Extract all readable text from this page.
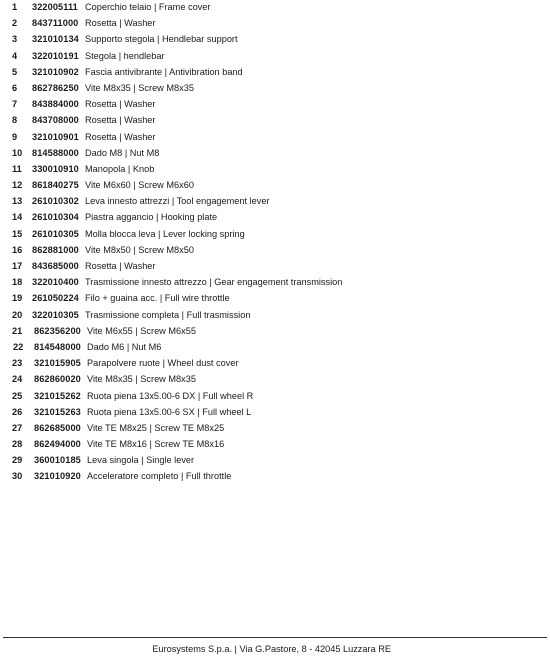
1 322005111 Coperchio telaio | Frame cover
2 843711000 Rosetta | Washer
3 321010134 Supporto stegola | Hendlebar support
4 322010191 Stegola | hendlebar
5 321010902 Fascia antivibrante | Antivibration band
6 862786250 Vite M8x35 | Screw M8x35
7 843884000 Rosetta | Washer
8 843708000 Rosetta | Washer
9 321010901 Rosetta | Washer
10 814588000 Dado M8 | Nut M8
11 330010910 Manopola | Knob
12 861840275 Vite M6x60 | Screw M6x60
13 261010302 Leva innesto attrezzi | Tool engagement lever
14 261010304 Piastra aggancio | Hooking plate
15 261010305 Molla blocca leva | Lever locking spring
16 862881000 Vite M8x50 | Screw M8x50
17 843685000 Rosetta | Washer
18 322010400 Trasmissione innesto attrezzo | Gear engagement transmission
19 261050224 Filo + guaina acc. | Full wire throttle
20 322010305 Trasmissione completa | Full trasmission
21 862356200 Vite M6x55 | Screw M6x55
22 814548000 Dado M6 | Nut M6
23 321015905 Parapolvere ruote | Wheel dust cover
24 862860020 Vite M8x35 | Screw M8x35
25 321015262 Ruota piena 13x5.00-6 DX | Full wheel R
26 321015263 Ruota piena 13x5.00-6 SX | Full wheel L
27 862685000 Vite TE M8x25 | Screw TE M8x25
28 862494000 Vite TE M8x16 | Screw TE M8x16
29 360010185 Leva singola | Single lever
30 321010920 Acceleratore completo | Full throttle
Eurosystems S.p.a. | Via G.Pastore, 8 - 42045 Luzzara RE
